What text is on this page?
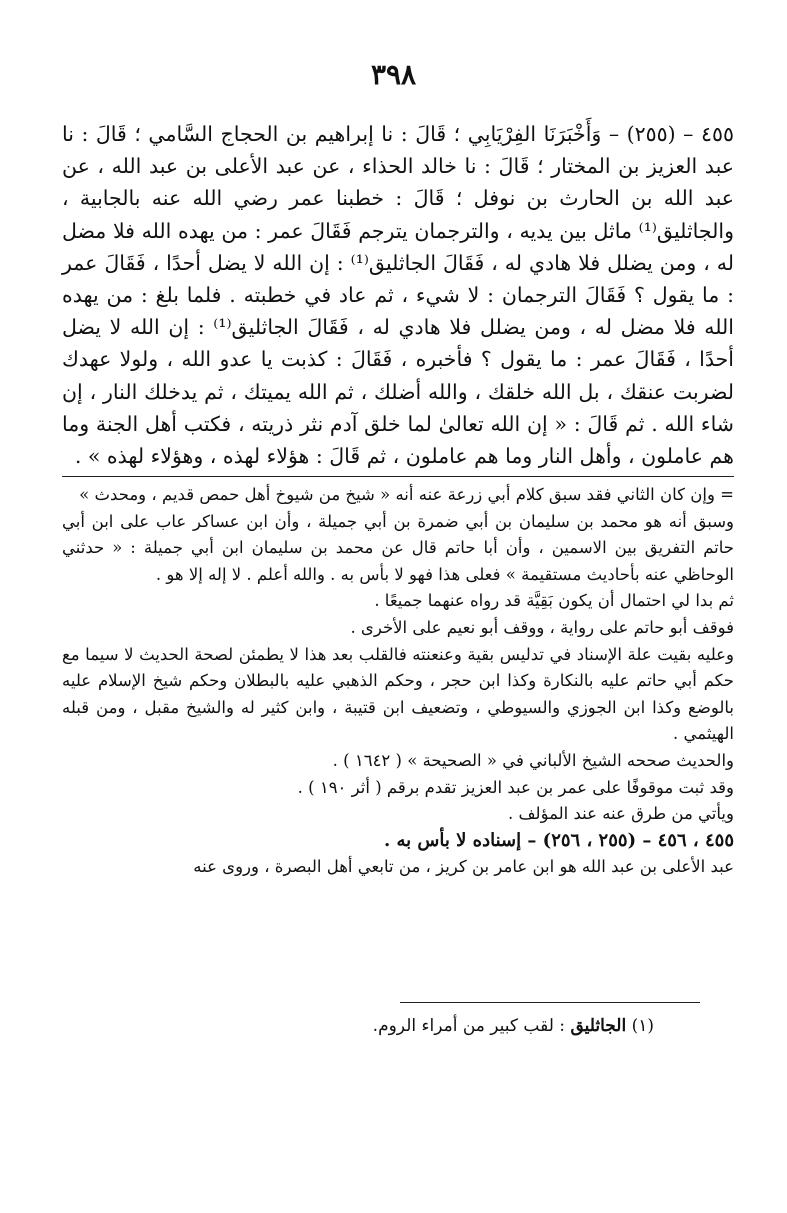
٣٩٨

٤٥٥ – (٢٥٥) – وَأَخْبَرَنَا الفِرْيَابِي ؛ قَالَ : نا إبراهيم بن الحجاج السَّامي ؛ قَالَ : نا عبد العزيز بن المختار ؛ قَالَ : نا خالد الحذاء ، عن عبد الأعلى بن عبد الله ، عن عبد الله بن الحارث بن نوفل ؛ قَالَ : خطبنا عمر رضي الله عنه بالجابية ، والجاثليق⁽¹⁾ ماثل بين يديه ، والترجمان يترجم فَقَالَ عمر : من يهده الله فلا مضل له ، ومن يضلل فلا هادي له ، فَقَالَ الجاثليق⁽¹⁾ : إن الله لا يضل أحدًا ، فَقَالَ عمر : ما يقول ؟ فَقَالَ الترجمان : لا شيء ، ثم عاد في خطبته . فلما بلغ : من يهده الله فلا مضل له ، ومن يضلل فلا هادي له ، فَقَالَ الجاثليق⁽¹⁾ : إن الله لا يضل أحدًا ، فَقَالَ عمر : ما يقول ؟ فأخبره ، فَقَالَ : كذبت يا عدو الله ، ولولا عهدك لضربت عنقك ، بل الله خلقك ، والله أضلك ، ثم الله يميتك ، ثم يدخلك النار ، إن شاء الله . ثم قَالَ : « إن الله تعالىٰ لما خلق آدم نثر ذريته ، فكتب أهل الجنة وما هم عاملون ، وأهل النار وما هم عاملون ، ثم قَالَ : هؤلاء لهذه ، وهؤلاء لهذه » .

= وإن كان الثاني فقد سبق كلام أبي زرعة عنه أنه « شيخ من شيوخ أهل حمص قديم ، ومحدث »

وسبق أنه هو محمد بن سليمان بن أبي ضمرة بن أبي جميلة ، وأن ابن عساكر عاب على ابن أبي حاتم التفريق بين الاسمين ، وأن أبا حاتم قال عن محمد بن سليمان ابن أبي جميلة : « حدثني الوحاظي عنه بأحاديث مستقيمة » فعلى هذا فهو لا بأس به . والله أعلم . لا إله إلا هو .

ثم بدا لي احتمال أن يكون بَقِيَّة قد رواه عنهما جميعًا .

فوقف أبو حاتم على رواية ، ووقف أبو نعيم على الأخرى .

وعليه بقيت علة الإسناد في تدليس بقية وعنعنته فالقلب بعد هذا لا يطمئن لصحة الحديث لا سيما مع حكم أبي حاتم عليه بالنكارة وكذا ابن حجر ، وحكم الذهبي عليه بالبطلان وحكم شيخ الإسلام عليه بالوضع وكذا ابن الجوزي والسيوطي ، وتضعيف ابن قتيبة ، وابن كثير له والشيخ مقبل ، ومن قبله الهيثمي .

والحديث صححه الشيخ الألباني في « الصحيحة » ( ١٦٤٢ ) .

وقد ثبت موقوفًا على عمر بن عبد العزيز تقدم برقم ( أثر ١٩٠ ) .

ويأتي من طرق عنه عند المؤلف .

٤٥٥ ، ٤٥٦ – (٢٥٥ ، ٢٥٦) – إسناده لا بأس به .

عبد الأعلى بن عبد الله هو ابن عامر بن كريز ، من تابعي أهل البصرة ، وروى عنه

(١) الجاثليق : لقب كبير من أمراء الروم.
